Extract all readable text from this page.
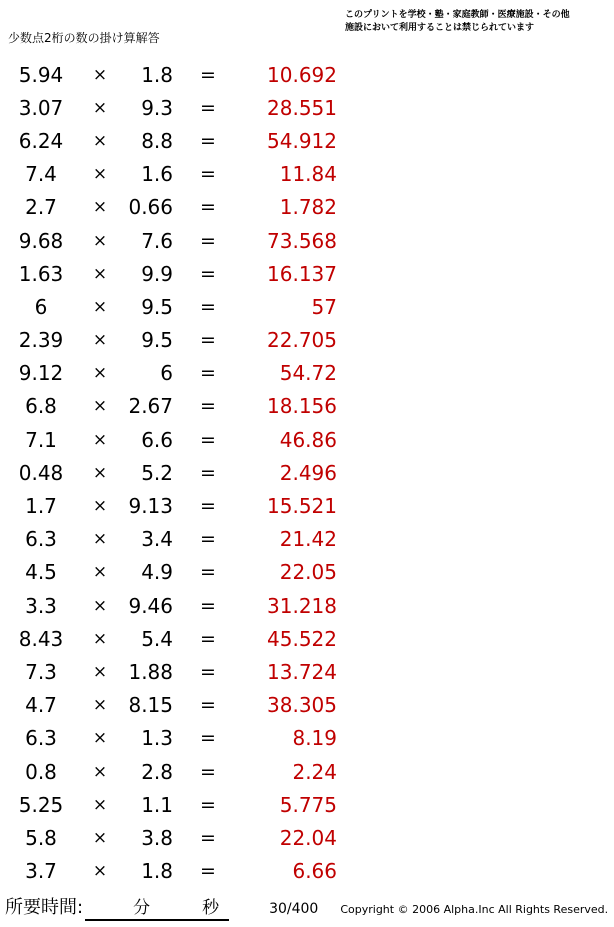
少数点2桁の数の掛け算解答
このプリントを学校・塾・家庭教師・医療施設・その他
施設において利用することは禁じられています
5.94	×	1.8	=	10.692
3.07	×	9.3	=	28.551
6.24	×	8.8	=	54.912
7.4	×	1.6	=	11.84
2.7	×	0.66	=	1.782
9.68	×	7.6	=	73.568
1.63	×	9.9	=	16.137
6	×	9.5	=	57
2.39	×	9.5	=	22.705
9.12	×	6	=	54.72
6.8	×	2.67	=	18.156
7.1	×	6.6	=	46.86
0.48	×	5.2	=	2.496
1.7	×	9.13	=	15.521
6.3	×	3.4	=	21.42
4.5	×	4.9	=	22.05
3.3	×	9.46	=	31.218
8.43	×	5.4	=	45.522
7.3	×	1.88	=	13.724
4.7	×	8.15	=	38.305
6.3	×	1.3	=	8.19
0.8	×	2.8	=	2.24
5.25	×	1.1	=	5.775
5.8	×	3.8	=	22.04
3.7	×	1.8	=	6.66
所要時間:	分	秒	30/400 Copyright © 2006 Alpha.Inc All Rights Reserved.
